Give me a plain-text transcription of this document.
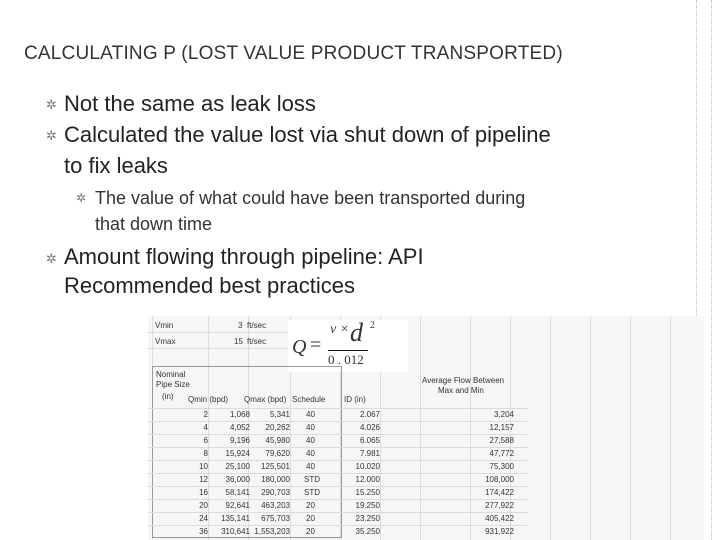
CALCULATING P (LOST VALUE PRODUCT TRANSPORTED)
✲ Not the same as leak loss
✲ Calculated the value lost via shut down of pipeline
to fix leaks
✲ The value of what could have been transported during
that down time
✲ Amount flowing through pipeline: API
Recommended best practices
Vmin	3 ft/sec
Vmax	15 ft/sec Q =
v × d 2
0 . 012
Nominal
Pipe Size
(in) Qmin (bpd) Qmax (bpd) Schedule ID (in)
Average Flow Between
Max and Min
2	1,068 5,341 40	2.067	3,204
4	4,052 20,262 40	4.026	12,157
6	9,196 45,980 40	6.065	27,588
8 15,924 79,620 40	7.981	47,772
10 25,100 125,501 40	10.020	75,300
12 36,000 180,000 STD	12.000	108,000
16 58,141 290,703 STD	15.250	174,422
20 92,641 463,203 20	19.250	277,922
24 135,141 675,703 20	23.250	405,422
36 310,641 1,553,203 20	35.250	931,922
